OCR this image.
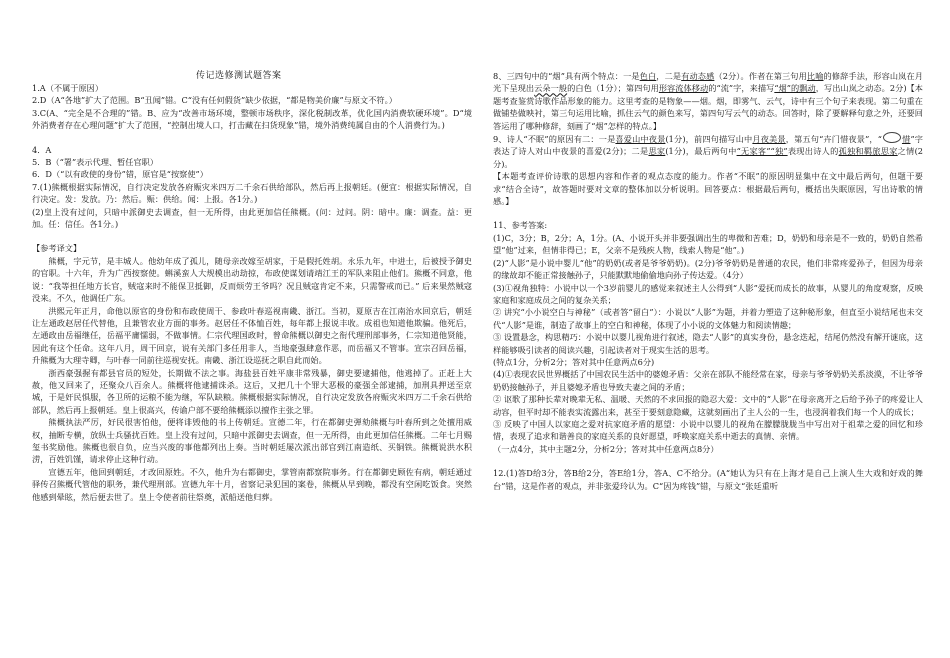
传记选修测试题答案

1.A（不属于原因）

2.D（A“各地”扩大了范围。B“丑闻”错。C“没有任何假货”缺少依据，“都是物美价廉”与原文不符。）

3.C(A、“完全是不合理的”错。B、应为“改善市场环境，整顿市场秩序，深化税制改革，优化国内消费软硬环境”。D“境外消费者存在心理问题”扩大了范围，“控制出境人口，打击藏在扫货现象”错，境外消费纯属自由的个人消费行为。)

4．A

5．B（“署”表示代理、暂任官职）

6．D（“以有政使的身份”错，原官是“按察使”）

7.(1)熊概根据实际情况，自行决定发放各府赈灾米四万二千余石供给部队，然后再上报朝廷。(便宜：根据实际情况，自行决定。发：发放。乃：然后。赈：供给。闻：上报。各1分。)

(2)皇上没有过问，只暗中派御史去调查，但一无所得，由此更加信任熊概。(问：过问。阴：暗中。廉：调查。益：更加。任：信任。各1分。)

【参考译文】

熊概，字元节，是丰城人。他幼年成了孤儿，随母亲改嫁至胡家，于是假托姓胡。永乐九年，中进士，后被授予御史的官职。十六年，升为广西按察使。蝌溪蛮人大规模出动劫掠，布政使谋划请靖江王的军队来阻止他们。熊概不同意，他说：“我等担任地方长官，贼寇来时不能保卫抵御，反而烦劳王爷吗？况且贼寇肯定不来，只需警戒而已。” 后来果然贼寇没来。不久，他调任广东。

洪熙元年正月，命他以原官的身份和布政使周干、参政叶春巡视南畿、浙江。当初，夏原吉在江南治水回京后，朝廷让左通政赵居任代替他，且兼管农业方面的事务。赵居任不体恤百姓，每年都上报说丰收。成祖也知道他欺骗。他死后，左通政由岳福继任，岳福平庸懦弱，不做事情。仁宗代理国政时，曾命熊概以御史之衔代理刑部事务，仁宗知道他贤能，因此有这个任命。这年八月，周干回京，说有关部门多任用非人，当地豪强肆意作恶，而岳福又不管事。宣宗召回岳福，升熊概为大理寺卿，与叶春一同前往巡视安抚。南畿、浙江设巡抚之职自此而始。

浙西豪强握有都县官员的短处，长期做不法之事。海盐县百姓平康非常残暴，御史要逮捕他，他逃掉了。正赶上大赦，他又回来了，还聚众八百余人。熊概将他逮捕诛杀。这后，又把几十个罪大恶极的豪强全部逮捕，加刑具押送至京城，于是奸民惧服，各卫所的运粮不能为继，军队缺粮。熊概根据实际情况，自行决定发放各府赈灾米四万二千余石供给部队，然后再上报朝廷。皇上很高兴，传谕户部不要给熊概添以擅作主张之罪。

熊概执法严厉，好民很害怕他，便将诽毁他的书上传朝廷。宣德二年，行在都御史弹劾熊概与叶春所到之处擅用威权，抽断专横，放纵士兵骚扰百姓。皇上没有过问，只暗中派御史去调查，但一无所得，由此更加信任熊概。二年七月赐玺书奖励他。熊概也很自负，应当兴废的事他都列出上奏。当时朝廷屡次派出部官到江南造纸、买铜铁。熊概说洪水积涝，百姓饥馑，请求停止这种行动。

宣德五年，他回到朝廷，才改回原姓。不久，他升为右都御史，掌管南都察院事务。行在都御史顾佐有病，朝廷通过驿传召熊概代管他的职务，兼代理刑部。宣德九年十月，省察记录犯国的案卷，熊概从早到晚，都没有空闲吃饭食。突然他感到晕眩，然后便去世了。皇上令使者前往祭奠，派船送他归葬。

8、三四句中的“烟”具有两个特点：一是色白，二是有动态感（2分）。作者在第三句用比喻的修辞手法，形容山岚在月光下呈现出云朵一般的白色（1分）；第四句用形容流体移动的“流”字，来描写“烟”的飘动，写出山岚之动态。2分)【本题考查鉴赏诗歌作品形象的能力。这里考查的是物象——烟。烟，即雾气、云气，诗中有三个句子来表现。第二句重在做铺垫做映衬，第三句运用比喻，抓住云气的颜色来写，第四句写云气的动态。回答时，除了要解释句意之外，还要回答运用了哪种修辞，刻画了“烟”怎样的特点。】

9、诗人“不眠”的原因有二：一是喜爱山中夜景(1分)，前四句描写山中月夜美景，第五句“卉门惜夜景”，“○惜”字表达了诗人对山中夜景的喜爱(2分)；二是思家(1分)，最后两句中“无家客”“独”表现出诗人的孤独和羁旅思家之情(2分)。

【本题考查评价诗歌的思想内容和作者的观点态度的能力。作者“不眠”的原因明显集中在文中最后两句，但题干要求“结合全诗”，故答题时要对文章的整体加以分析说明。回答要点：根据最后两句，概括出失眠原因，写出诗歌的情感。】

11、参考答案:

(1)C，3分；B，2分；A，1分。(A、小说开头并非要强调出生的卑微和苦难；D，奶奶和母亲是不一致的，奶奶自然希望“他”过来，但情非得已；E，父亲不是残疾人物，线索人物是“他”。)

(2)“人影”是小说中婴儿“他”的奶奶(或者是爷爷奶奶)。(2分)爷爷奶奶是普通的农民，他们非常疼爱孙子，但因为母亲的缘故却不能正常接触孙子，只能默默地偷偷地向孙子传达爱。（4分）

(3)①视角独特：小说中以一个3岁前婴儿的感觉来叙述主人公得到“人影”爱抚而成长的故事，从婴儿的角度观察，反映家庭和家庭成员之间的复杂关系；

② 讲究“小小说空白与神秘”（或者答“留白”）：小说以“人影”为题，并着力塑造了这种秘形象，但直至小说结尾也未交代“人影”是谁，制造了故事上的空白和神秘，体现了小小说的文体魅力和阅读情趣；

③ 设置悬念，构思精巧：小说中以婴儿视角进行叙述，隐去“人影”的真实身份，悬念迭起，结尾仍然没有解开谜底，这样能够吸引读者的阅读兴趣，引起读者对于现实生活的思考。

(特点1分，分析2分；答对其中任意两点6分)

(4)①表现农民世界概括了中国农民生活中的婆媳矛盾：父亲在部队不能经常在家，母亲与爷爷奶奶关系淡漠，不让爷爷奶奶接触孙子，并且婆媳矛盾也导致夫妻之间的矛盾；

② 讴歌了那种长辈对晚辈无私、温暖、天然的不求回报的隐忍大爱：文中的“人影”在母亲离开之后给予孙子的疼爱让人动容，但平时却不能表实流露出来，甚至于要刻意隐藏，这就刻画出了主人公的一生，也浸润着我们每一个人的成长；

③ 反映了中国人以家庭之爱对抗家庭矛盾的愿望：小说中以婴儿的视角在朦朦胧胧当中写出对于祖辈之爱的回忆和珍惜，表现了追求和谐善良的家庭关系的良好愿望，呼唤家庭关系中逝去的真情、亲情。

（一点4分，其中主题2分，分析2分；答对其中任意两点8分）

12.(1)答D给3分，答B给2分，答E给1分，答A、C不给分。(A“她认为只有在上海才是自己上演人生大戏和好戏的舞台”错，这是作者的观点，并非张爱玲认为。C“因为疼钱”错，与原文“张廷重听
